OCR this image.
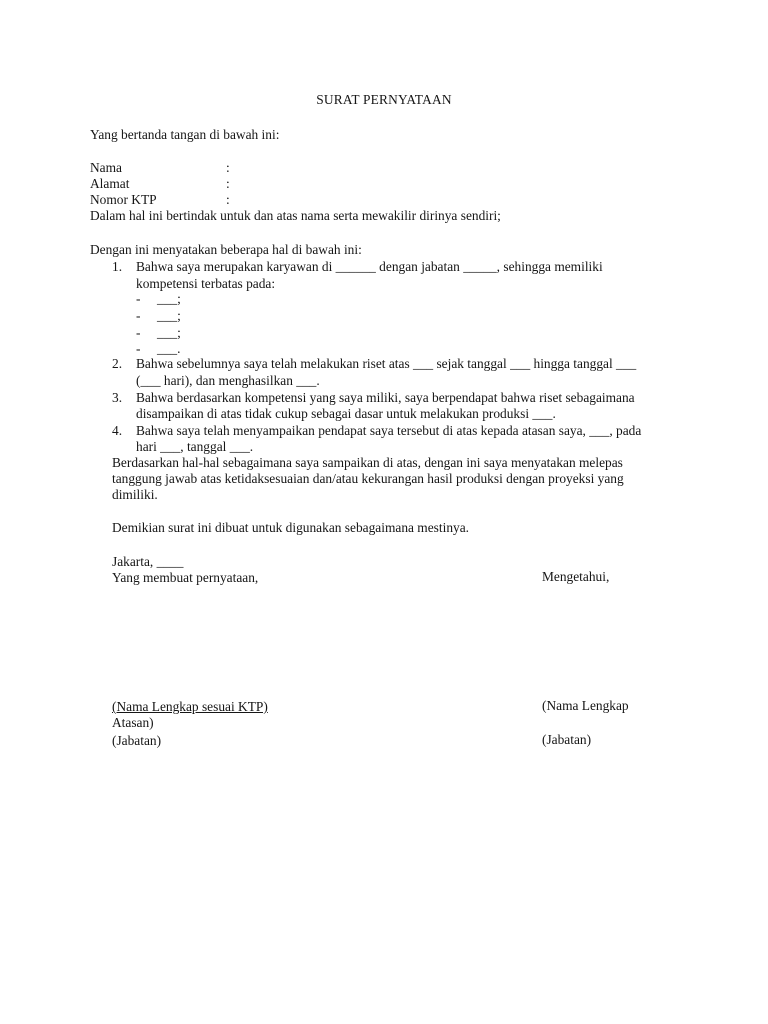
SURAT PERNYATAAN
Yang bertanda tangan di bawah ini:
Nama	:
Alamat	:
Nomor KTP	:
Dalam hal ini bertindak untuk dan atas nama serta mewakilir dirinya sendiri;
Dengan ini menyatakan beberapa hal di bawah ini:
1. Bahwa saya merupakan karyawan di ______ dengan jabatan _____, sehingga memiliki
kompetensi terbatas pada:
- ___;
- ___;
- ___;
- ___.
2. Bahwa sebelumnya saya telah melakukan riset atas ___ sejak tanggal ___ hingga tanggal ___
(___ hari), dan menghasilkan ___.
3. Bahwa berdasarkan kompetensi yang saya miliki, saya berpendapat bahwa riset sebagaimana
disampaikan di atas tidak cukup sebagai dasar untuk melakukan produksi ___.
4. Bahwa saya telah menyampaikan pendapat saya tersebut di atas kepada atasan saya, ___, pada
hari ___, tanggal ___.
Berdasarkan hal-hal sebagaimana saya sampaikan di atas, dengan ini saya menyatakan melepas
tanggung jawab atas ketidaksesuaian dan/atau kekurangan hasil produksi dengan proyeksi yang
dimiliki.
Demikian surat ini dibuat untuk digunakan sebagaimana mestinya.
Jakarta, ____
Yang membuat pernyataan,	Mengetahui,
(Nama Lengkap sesuai KTP)	(Nama Lengkap
Atasan)
(Jabatan)	(Jabatan)
